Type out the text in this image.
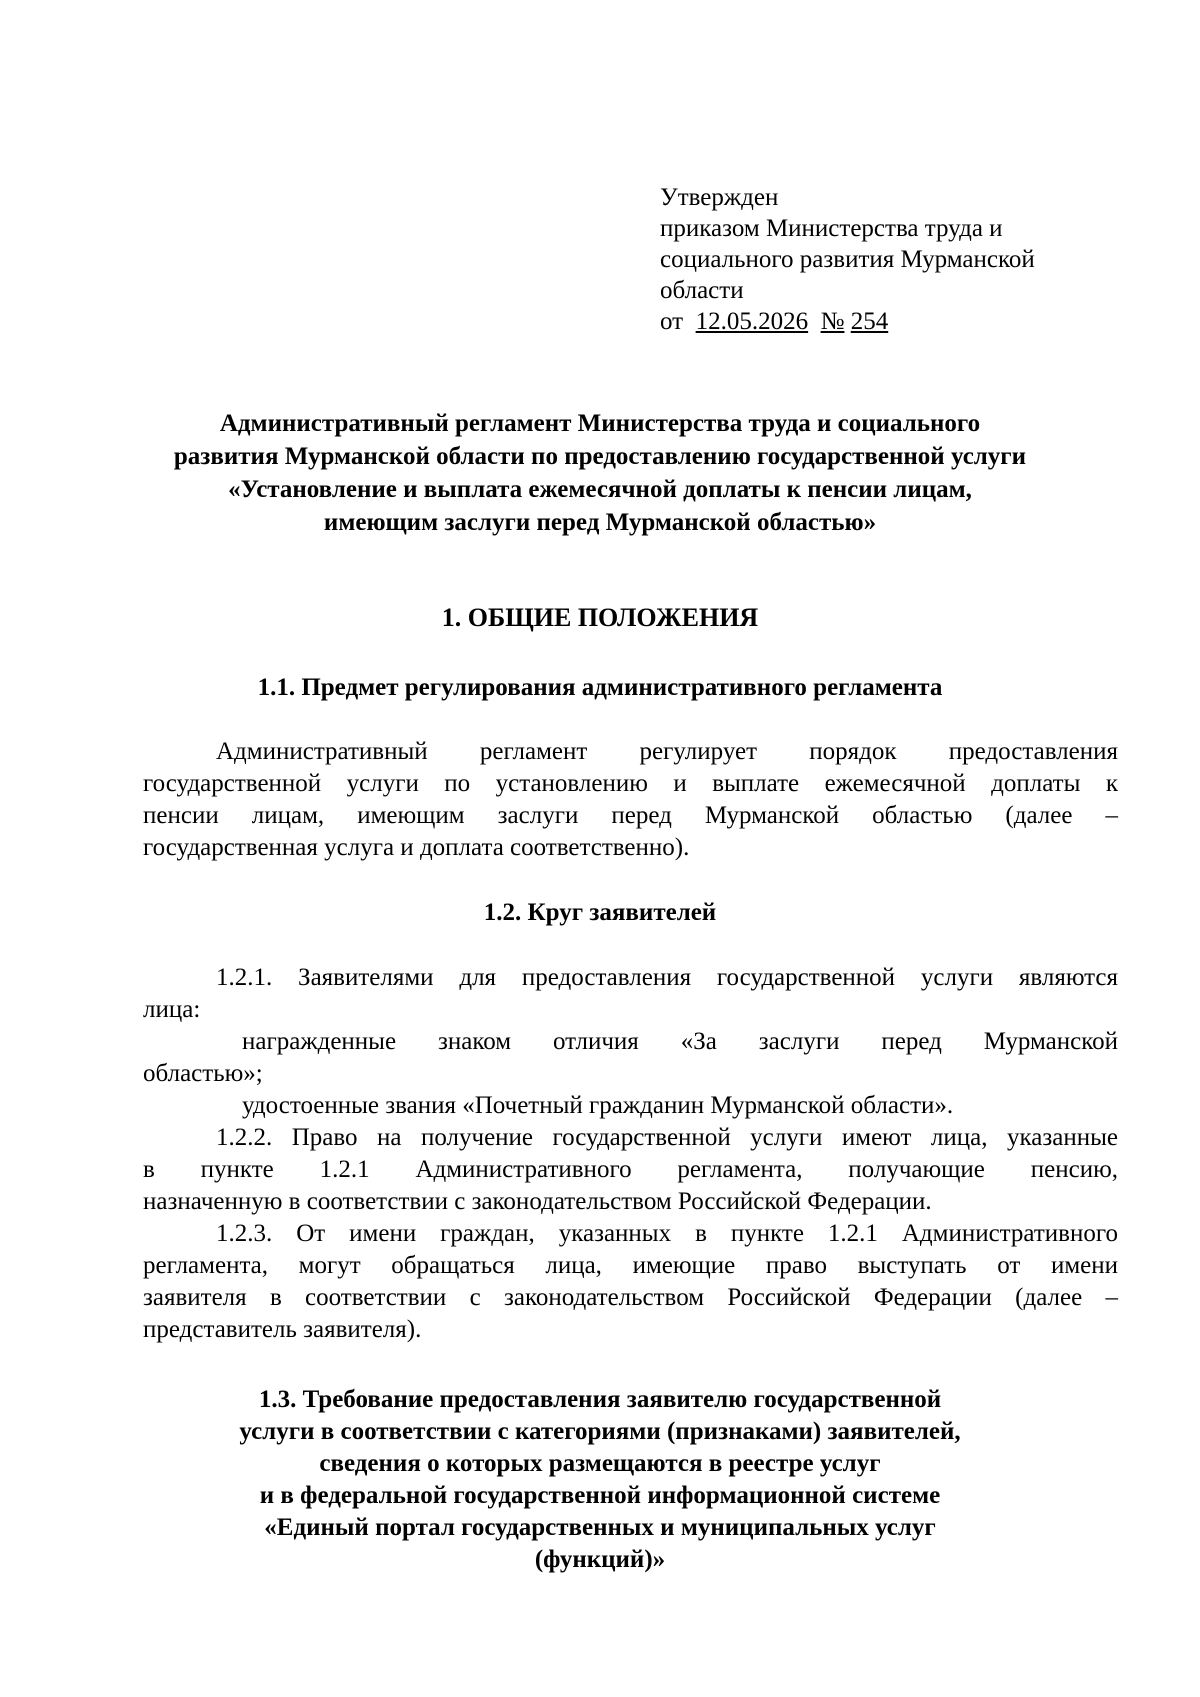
Утвержден
приказом Министерства труда и
социального развития Мурманской
области
от 12.05.2026 № 254
Административный регламент Министерства труда и социального
развития Мурманской области по предоставлению государственной услуги
«Установление и выплата ежемесячной доплаты к пенсии лицам,
имеющим заслуги перед Мурманской областью»
1. ОБЩИЕ ПОЛОЖЕНИЯ
1.1. Предмет регулирования административного регламента
Административный регламент регулирует порядок предоставления
государственной услуги по установлению и выплате ежемесячной доплаты к
пенсии лицам, имеющим заслуги перед Мурманской областью (далее –
государственная услуга и доплата соответственно).
1.2. Круг заявителей
1.2.1. Заявителями для предоставления государственной услуги являются
лица:
награжденные знаком отличия «За заслуги перед Мурманской
областью»;
удостоенные звания «Почетный гражданин Мурманской области».
1.2.2. Право на получение государственной услуги имеют лица, указанные
в пункте 1.2.1 Административного регламента, получающие пенсию,
назначенную в соответствии с законодательством Российской Федерации.
1.2.3. От имени граждан, указанных в пункте 1.2.1 Административного
регламента, могут обращаться лица, имеющие право выступать от имени
заявителя в соответствии с законодательством Российской Федерации (далее –
представитель заявителя).
1.3. Требование предоставления заявителю государственной
услуги в соответствии с категориями (признаками) заявителей,
сведения о которых размещаются в реестре услуг
и в федеральной государственной информационной системе
«Единый портал государственных и муниципальных услуг
(функций)»
